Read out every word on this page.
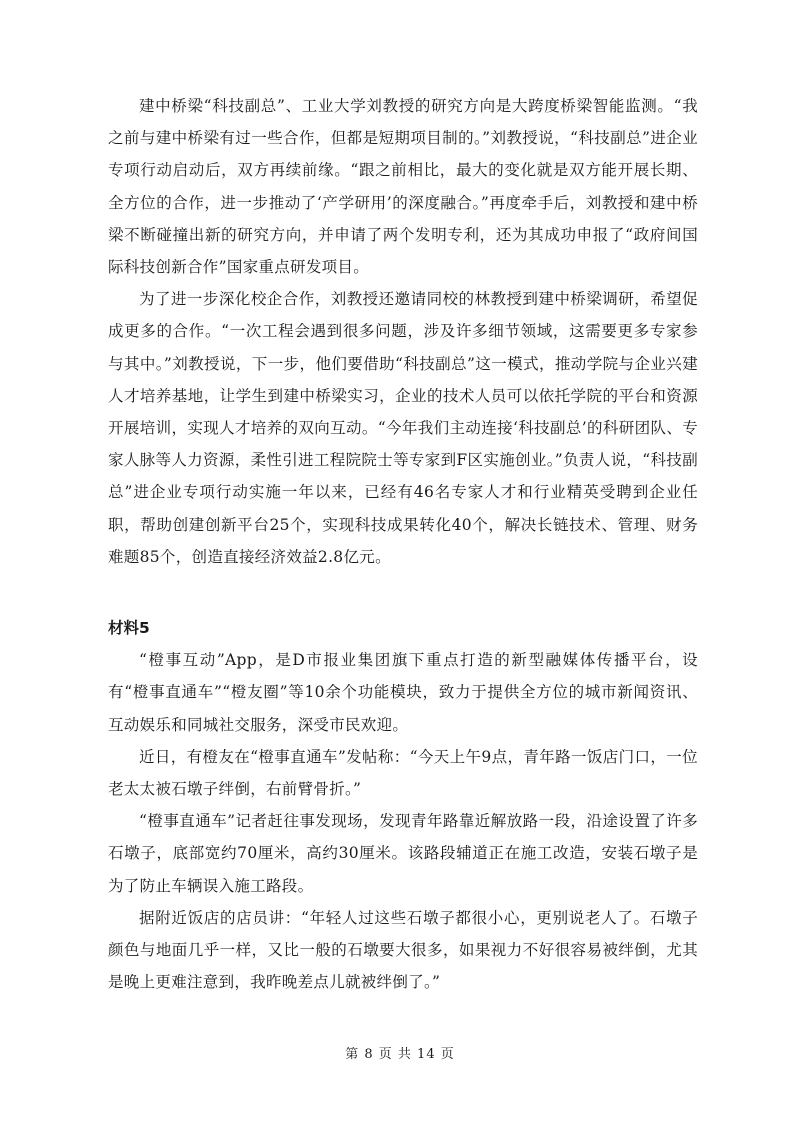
建中桥梁“科技副总”、工业大学刘教授的研究方向是大跨度桥梁智能监测。“我之前与建中桥梁有过一些合作，但都是短期项目制的。”刘教授说，“科技副总”进企业专项行动启动后，双方再续前缘。“跟之前相比，最大的变化就是双方能开展长期、全方位的合作，进一步推动了‘产学研用’的深度融合。”再度牵手后，刘教授和建中桥梁不断碰撞出新的研究方向，并申请了两个发明专利，还为其成功申报了“政府间国际科技创新合作”国家重点研发项目。

为了进一步深化校企合作，刘教授还邀请同校的林教授到建中桥梁调研，希望促成更多的合作。“一次工程会遇到很多问题，涉及许多细节领域，这需要更多专家参与其中。”刘教授说，下一步，他们要借助“科技副总”这一模式，推动学院与企业兴建人才培养基地，让学生到建中桥梁实习，企业的技术人员可以依托学院的平台和资源开展培训，实现人才培养的双向互动。“今年我们主动连接‘科技副总’的科研团队、专家人脉等人力资源，柔性引进工程院院士等专家到F区实施创业。”负责人说，“科技副总”进企业专项行动实施一年以来，已经有46名专家人才和行业精英受聘到企业任职，帮助创建创新平台25个，实现科技成果转化40个，解决长链技术、管理、财务难题85个，创造直接经济效益2.8亿元。

材料5

“橙事互动”App，是D市报业集团旗下重点打造的新型融媒体传播平台，设有“橙事直通车”“橙友圈”等10余个功能模块，致力于提供全方位的城市新闻资讯、互动娱乐和同城社交服务，深受市民欢迎。

近日，有橙友在“橙事直通车”发帖称：“今天上午9点，青年路一饭店门口，一位老太太被石墩子绊倒，右前臂骨折。”

“橙事直通车”记者赶往事发现场，发现青年路靠近解放路一段，沿途设置了许多石墩子，底部宽约70厘米，高约30厘米。该路段辅道正在施工改造，安装石墩子是为了防止车辆误入施工路段。

据附近饭店的店员讲：“年轻人过这些石墩子都很小心，更别说老人了。石墩子颜色与地面几乎一样，又比一般的石墩要大很多，如果视力不好很容易被绊倒，尤其是晚上更难注意到，我昨晚差点儿就被绊倒了。”

第 8 页 共 14 页
